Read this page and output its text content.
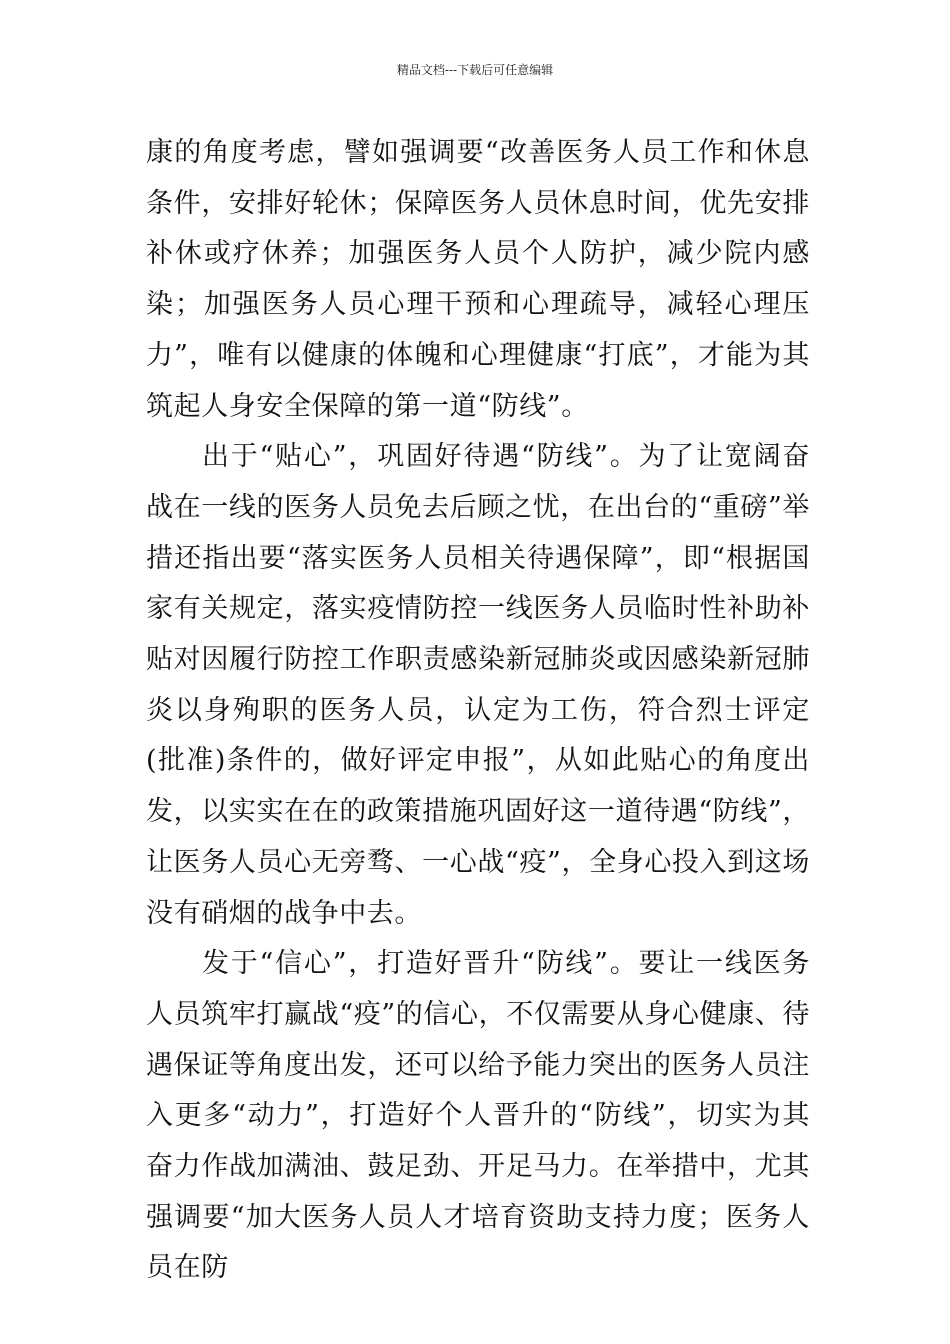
精品文档---下载后可任意编辑

康的角度考虑，譬如强调要“改善医务人员工作和休息条件，安排好轮休；保障医务人员休息时间，优先安排补休或疗休养；加强医务人员个人防护，减少院内感染；加强医务人员心理干预和心理疏导，减轻心理压力”，唯有以健康的体魄和心理健康“打底”，才能为其筑起人身安全保障的第一道“防线”。

出于“贴心”，巩固好待遇“防线”。为了让宽阔奋战在一线的医务人员免去后顾之忧，在出台的“重磅”举措还指出要“落实医务人员相关待遇保障”，即“根据国家有关规定，落实疫情防控一线医务人员临时性补助补贴对因履行防控工作职责感染新冠肺炎或因感染新冠肺炎以身殉职的医务人员，认定为工伤，符合烈士评定(批准)条件的，做好评定申报”，从如此贴心的角度出发，以实实在在的政策措施巩固好这一道待遇“防线”，让医务人员心无旁骛、一心战“疫”，全身心投入到这场没有硝烟的战争中去。

发于“信心”，打造好晋升“防线”。要让一线医务人员筑牢打赢战“疫”的信心，不仅需要从身心健康、待遇保证等角度出发，还可以给予能力突出的医务人员注入更多“动力”，打造好个人晋升的“防线”，切实为其奋力作战加满油、鼓足劲、开足马力。在举措中，尤其强调要“加大医务人员人才培育资助支持力度；医务人员在防
